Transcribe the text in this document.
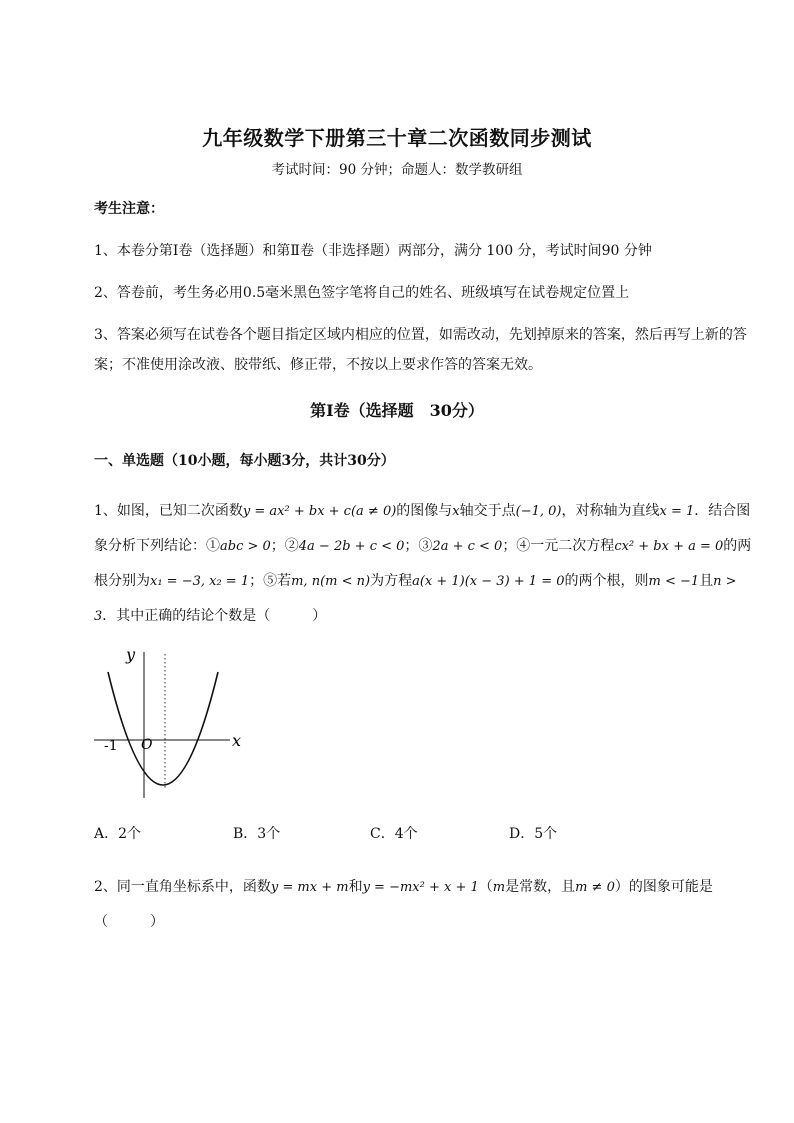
九年级数学下册第三十章二次函数同步测试
考试时间：90 分钟；命题人：数学教研组
考生注意：
1、本卷分第Ⅰ卷（选择题）和第Ⅱ卷（非选择题）两部分，满分 100 分，考试时间90 分钟
2、答卷前，考生务必用0.5毫米黑色签字笔将自己的姓名、班级填写在试卷规定位置上
3、答案必须写在试卷各个题目指定区域内相应的位置，如需改动，先划掉原来的答案，然后再写上新的答案；不准使用涂改液、胶带纸、修正带，不按以上要求作答的答案无效。
第Ⅰ卷（选择题　30分）
一、单选题（10小题，每小题3分，共计30分）
1、如图，已知二次函数y = ax² + bx + c(a ≠ 0)的图像与x轴交于点(−1, 0)，对称轴为直线x = 1．结合图象分析下列结论：①abc > 0；②4a − 2b + c < 0；③2a + c < 0；④一元二次方程cx² + bx + a = 0的两根分别为x₁ = −3, x₂ = 1；⑤若m, n(m < n)为方程a(x + 1)(x − 3) + 1 = 0的两个根，则m < −1且n > 3．其中正确的结论个数是（　　　）
y
x
O
-1
A．2个	B．3个	C．4个	D．5个
2、同一直角坐标系中，函数y = mx + m和y = −mx² + x + 1（m是常数，且m ≠ 0）的图象可能是（　　　）
